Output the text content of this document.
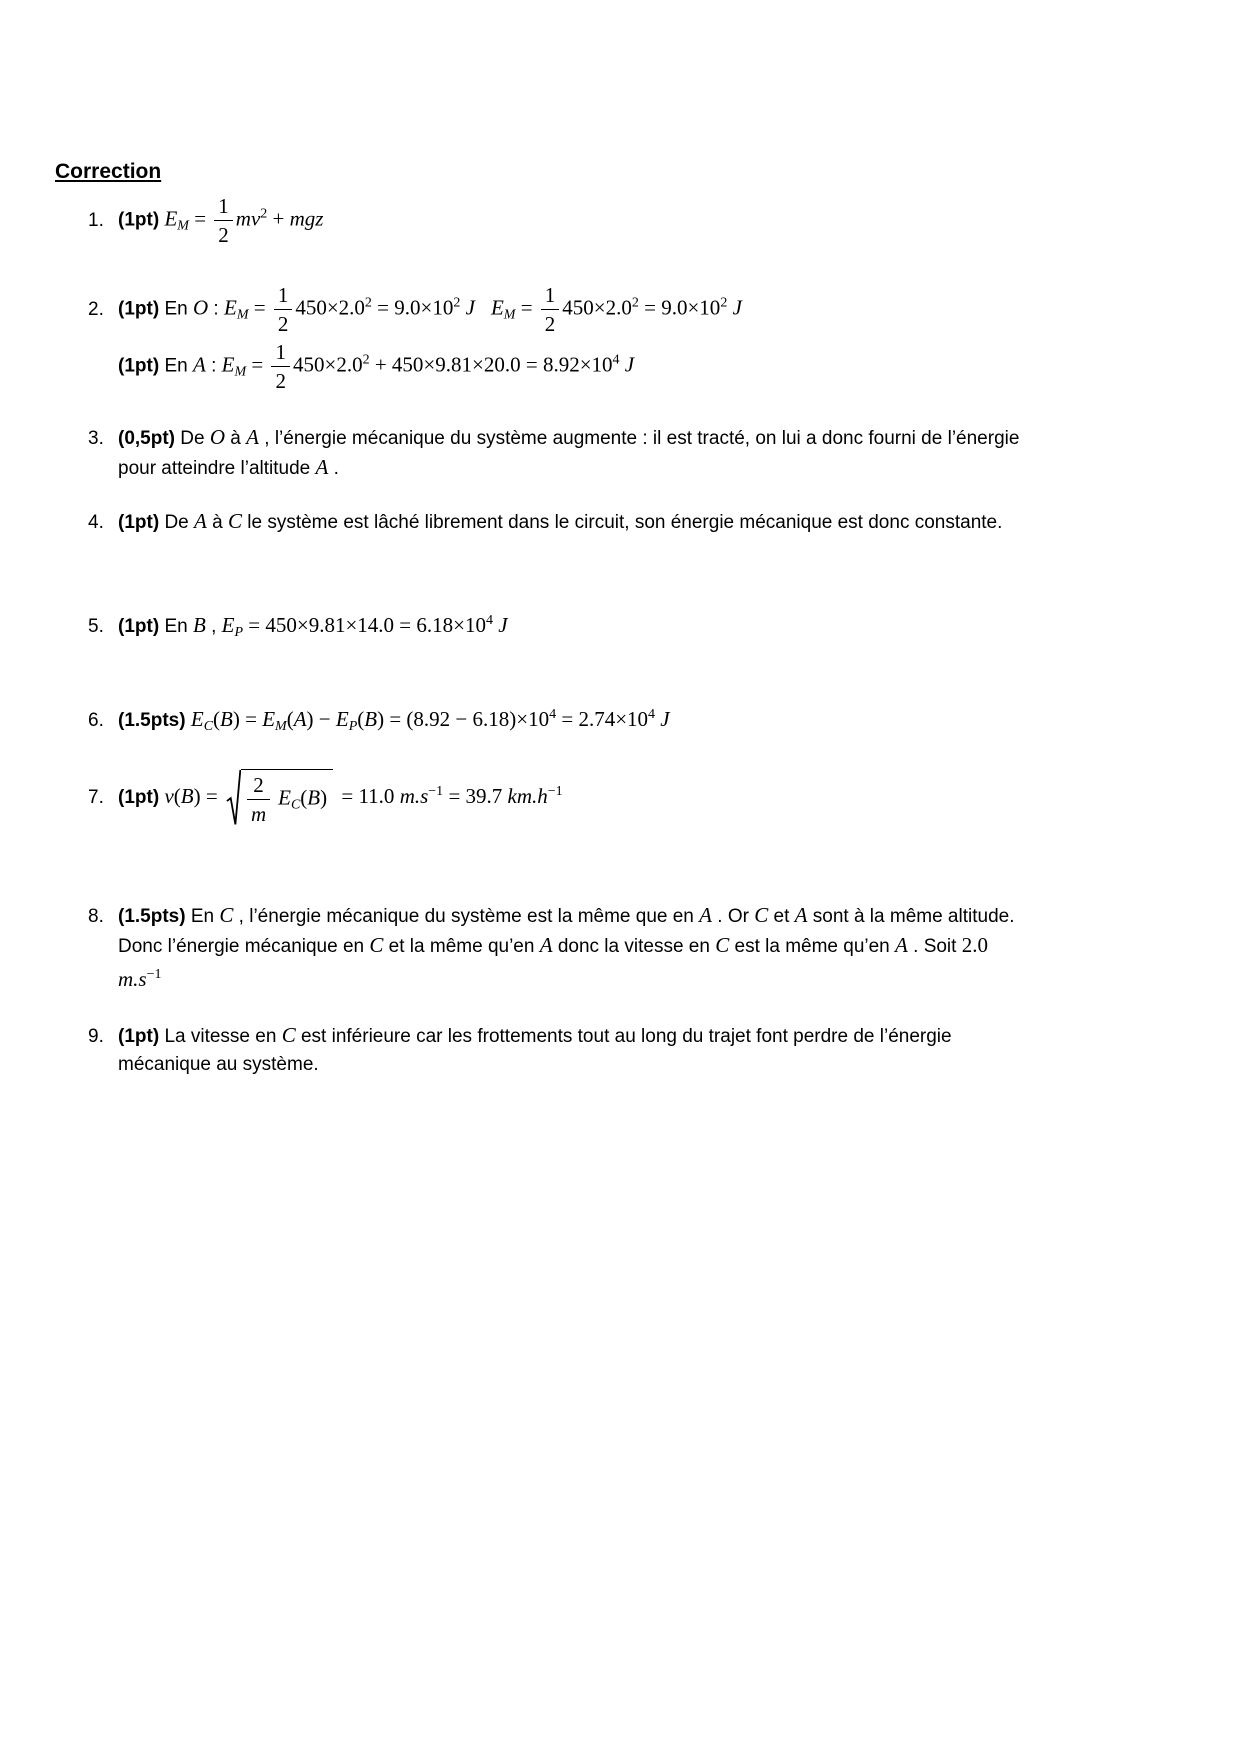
Correction
1. (1pt) $E_M = \frac{1}{2} mv^2$ + mgz
2. (1pt) En O : $E_M = \frac{1}{2} 450\times 2.0^2 = 9.0\times 10^2$ J $E_M = \frac{1}{2} 450\times 2.0^2 = 9.0\times 10^2$ J
(1pt) En A : $E_M = \frac{1}{2} 450\times 2.0^2 + 450\times 9.81\times 20.0 = 8.92\times 10^4$ J
3. (0,5pt) De O à A , l’énergie mécanique du système augmente : il est tracté, on lui a donc fourni de l’énergie pour atteindre l’altitude A .
4. (1pt) De A à C le système est lâché librement dans le circuit, son énergie mécanique est donc constante.
5. (1pt) En B , $E_P = 450\times 9.81\times 14.0 = 6.18\times 10^4$ J
6. (1.5pts) $E_C(B) = E_M(A) - E_P(B) = (8.92 - 6.18)\times 10^4 = 2.74\times 10^4$ J
7. (1pt) $v(B) = \frac{2}{m} E_C(B) = 11.0$ $m.s^{-1} = 39.7$ $km.h^{-1}$
8. (1.5pts) En C , l’énergie mécanique du système est la même que en A . Or C et A sont à la même altitude. Donc l’énergie mécanique en C et la même qu’en A donc la vitesse en C est la même qu’en A . Soit 2.0 $m.s^{-1}$
9. (1pt) La vitesse en C est inférieure car les frottements tout au long du trajet font perdre de l’énergie mécanique au système.
